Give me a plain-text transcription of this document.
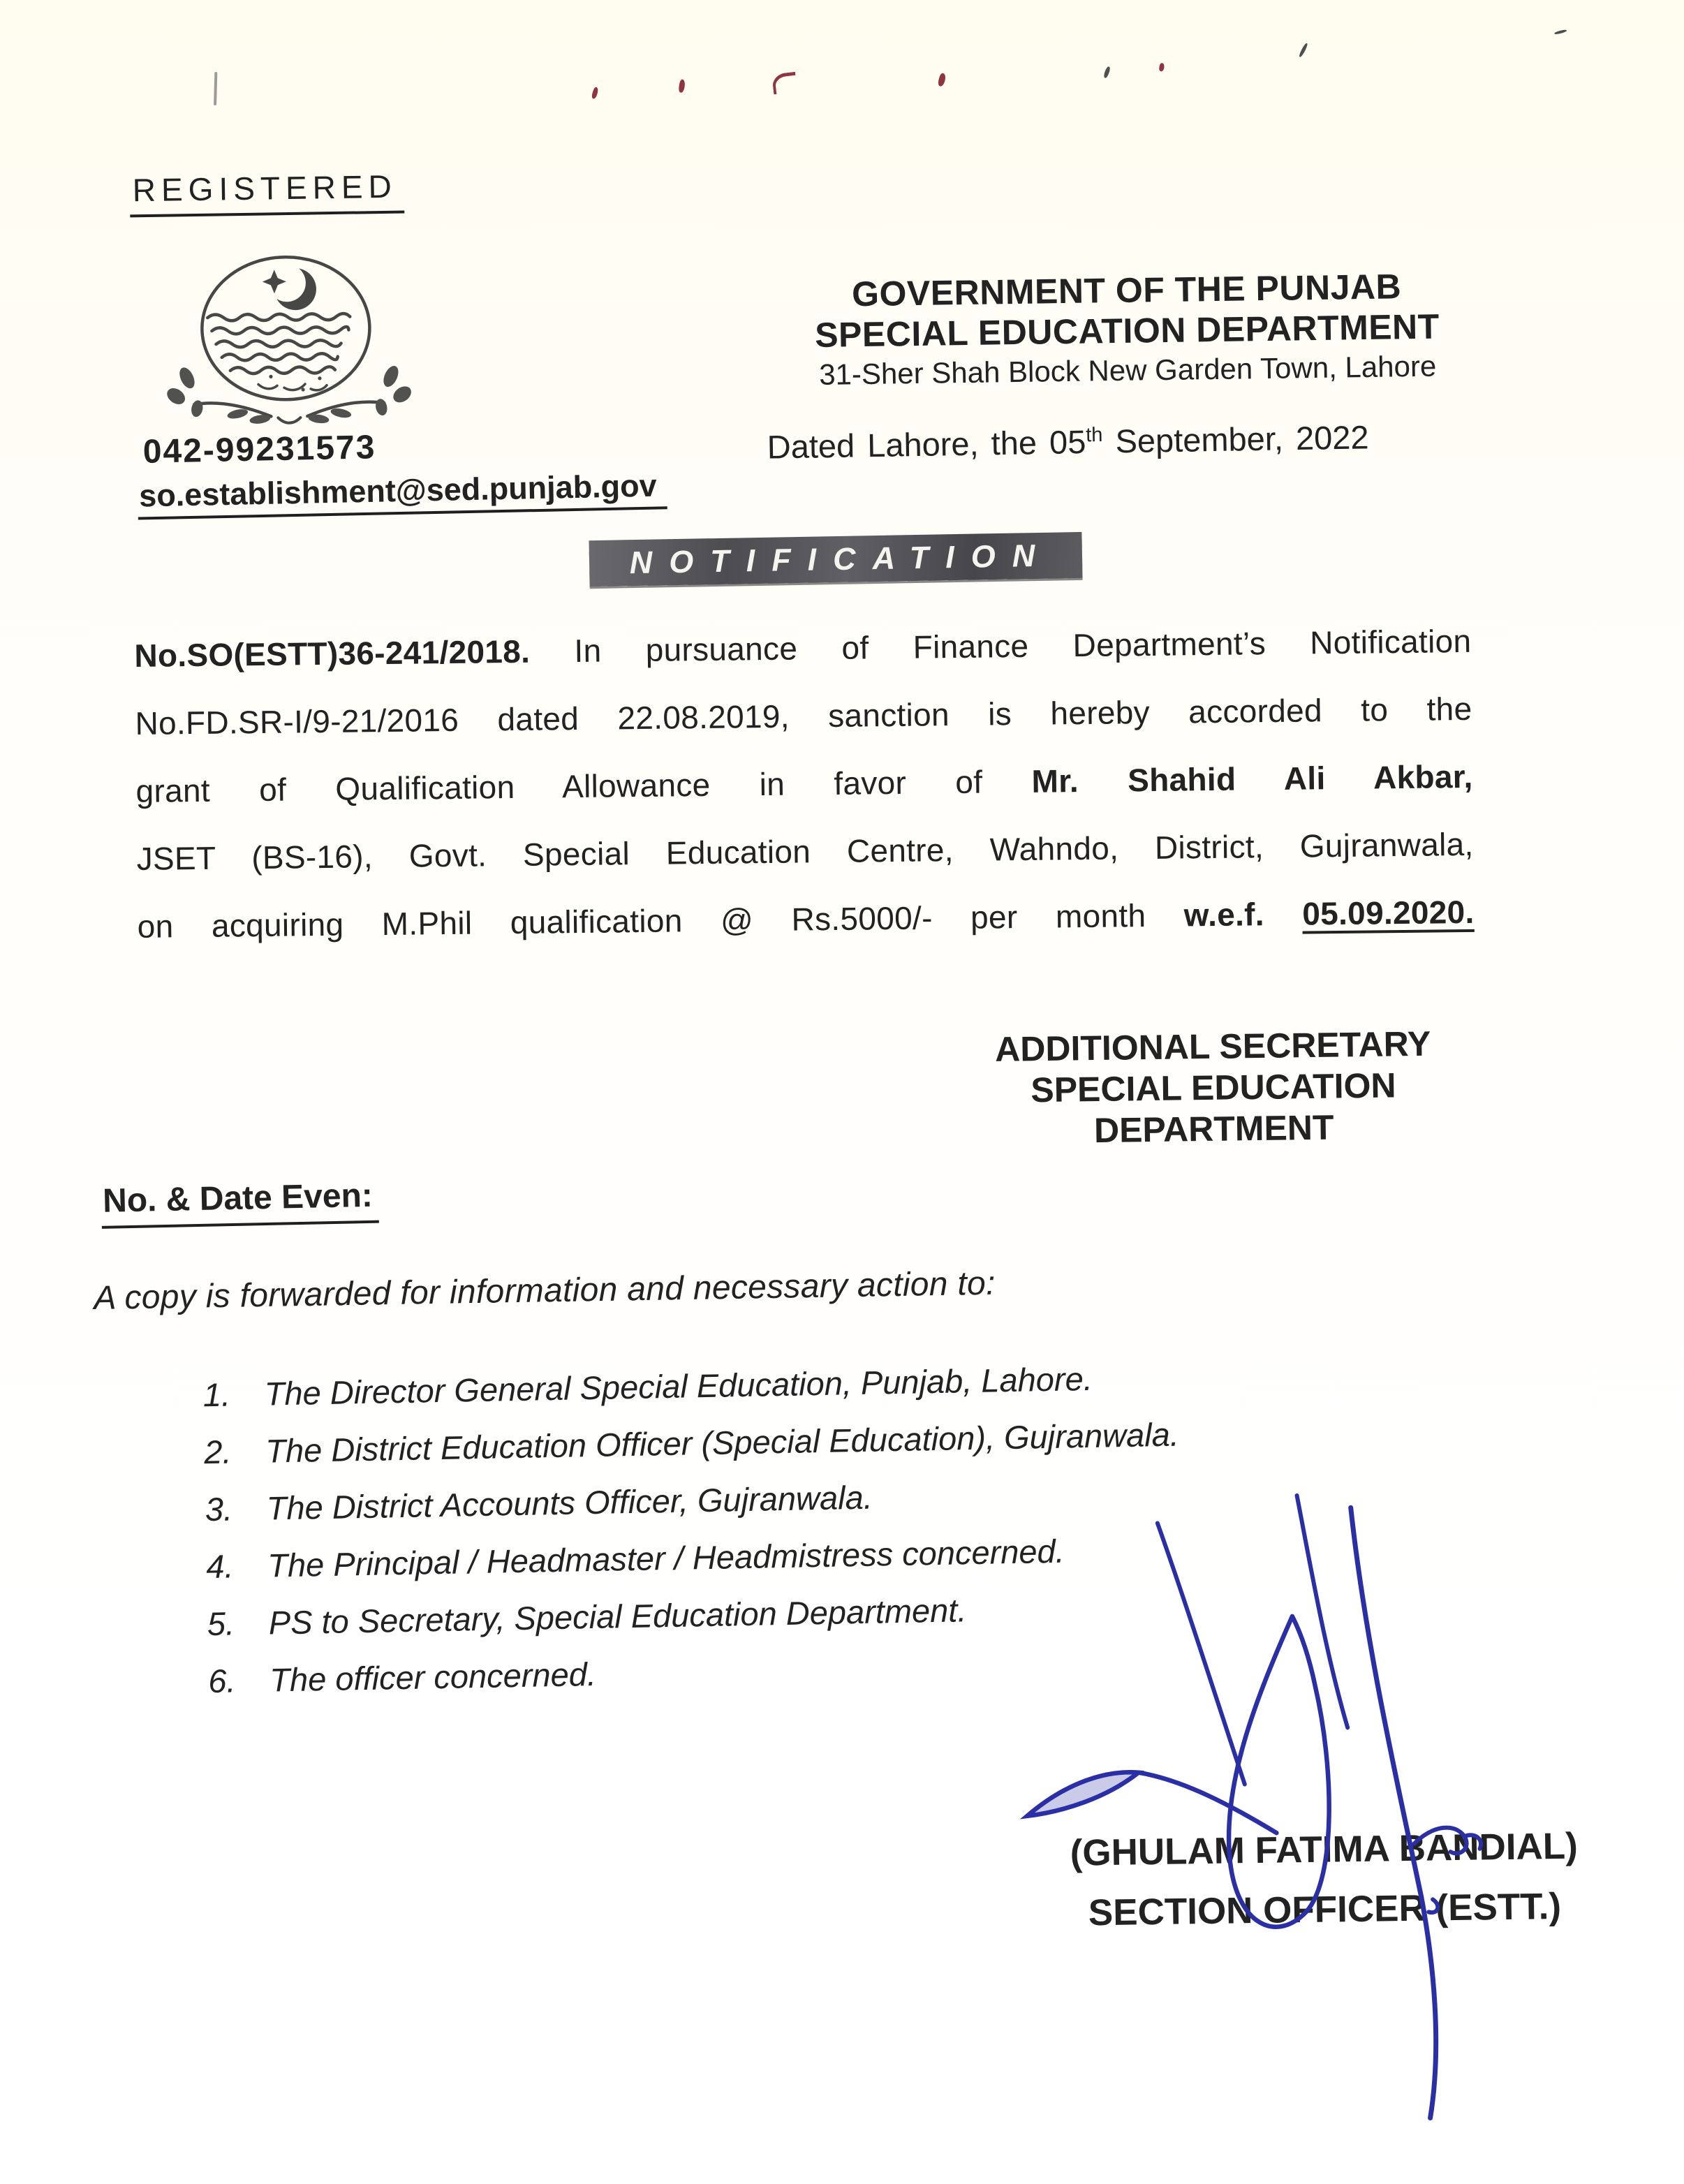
REGISTERED
GOVERNMENT OF THE PUNJAB
SPECIAL EDUCATION DEPARTMENT
31-Sher Shah Block New Garden Town, Lahore
042-99231573
so.establishment@sed.punjab.gov
Dated Lahore, the 05th September, 2022
NOTIFICATION
No.SO(ESTT)36-241/2018. In pursuance of Finance Department’s Notification
No.FD.SR-I/9-21/2016 dated 22.08.2019, sanction is hereby accorded to the
grant of Qualification Allowance in favor of Mr. Shahid Ali Akbar,
JSET (BS-16), Govt. Special Education Centre, Wahndo, District, Gujranwala,
on acquiring M.Phil qualification @ Rs.5000/- per month w.e.f. 05.09.2020.
ADDITIONAL SECRETARY
SPECIAL EDUCATION
DEPARTMENT
No. & Date Even:
A copy is forwarded for information and necessary action to:
1.	The Director General Special Education, Punjab, Lahore.
2.	The District Education Officer (Special Education), Gujranwala.
3.	The District Accounts Officer, Gujranwala.
4.	The Principal / Headmaster / Headmistress concerned.
5.	PS to Secretary, Special Education Department.
6.	The officer concerned.
(GHULAM FATIMA BANDIAL)
SECTION OFFICER (ESTT.)
